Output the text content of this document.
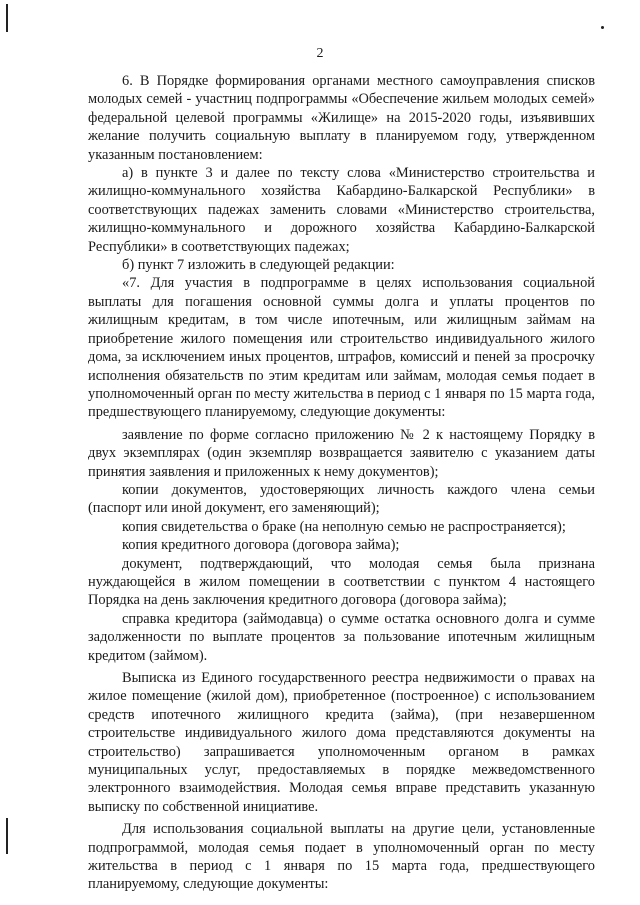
2

6. В Порядке формирования органами местного самоуправления списков молодых семей - участниц подпрограммы «Обеспечение жильем молодых семей» федеральной целевой программы «Жилище» на 2015-2020 годы, изъявивших желание получить социальную выплату в планируемом году, утвержденном указанным постановлением:

а) в пункте 3 и далее по тексту слова «Министерство строительства и жилищно-коммунального хозяйства Кабардино-Балкарской Республики» в соответствующих падежах заменить словами «Министерство строительства, жилищно-коммунального и дорожного хозяйства Кабардино-Балкарской Республики» в соответствующих падежах;

б) пункт 7 изложить в следующей редакции:

«7. Для участия в подпрограмме в целях использования социальной выплаты для погашения основной суммы долга и уплаты процентов по жилищным кредитам, в том числе ипотечным, или жилищным займам на приобретение жилого помещения или строительство индивидуального жилого дома, за исключением иных процентов, штрафов, комиссий и пеней за просрочку исполнения обязательств по этим кредитам или займам, молодая семья подает в уполномоченный орган по месту жительства в период с 1 января по 15 марта года, предшествующего планируемому, следующие документы:

заявление по форме согласно приложению № 2 к настоящему Порядку в двух экземплярах (один экземпляр возвращается заявителю с указанием даты принятия заявления и приложенных к нему документов);

копии документов, удостоверяющих личность каждого члена семьи (паспорт или иной документ, его заменяющий);

копия свидетельства о браке (на неполную семью не распространяется);

копия кредитного договора (договора займа);

документ, подтверждающий, что молодая семья была признана нуждающейся в жилом помещении в соответствии с пунктом 4 настоящего Порядка на день заключения кредитного договора (договора займа);

справка кредитора (займодавца) о сумме остатка основного долга и сумме задолженности по выплате процентов за пользование ипотечным жилищным кредитом (займом).

Выписка из Единого государственного реестра недвижимости о правах на жилое помещение (жилой дом), приобретенное (построенное) с использованием средств ипотечного жилищного кредита (займа), (при незавершенном строительстве индивидуального жилого дома представляются документы на строительство) запрашивается уполномоченным органом в рамках муниципальных услуг, предоставляемых в порядке межведомственного электронного взаимодействия. Молодая семья вправе представить указанную выписку по собственной инициативе.

Для использования социальной выплаты на другие цели, установленные подпрограммой, молодая семья подает в уполномоченный орган по месту жительства в период с 1 января по 15 марта года, предшествующего планируемому, следующие документы:
